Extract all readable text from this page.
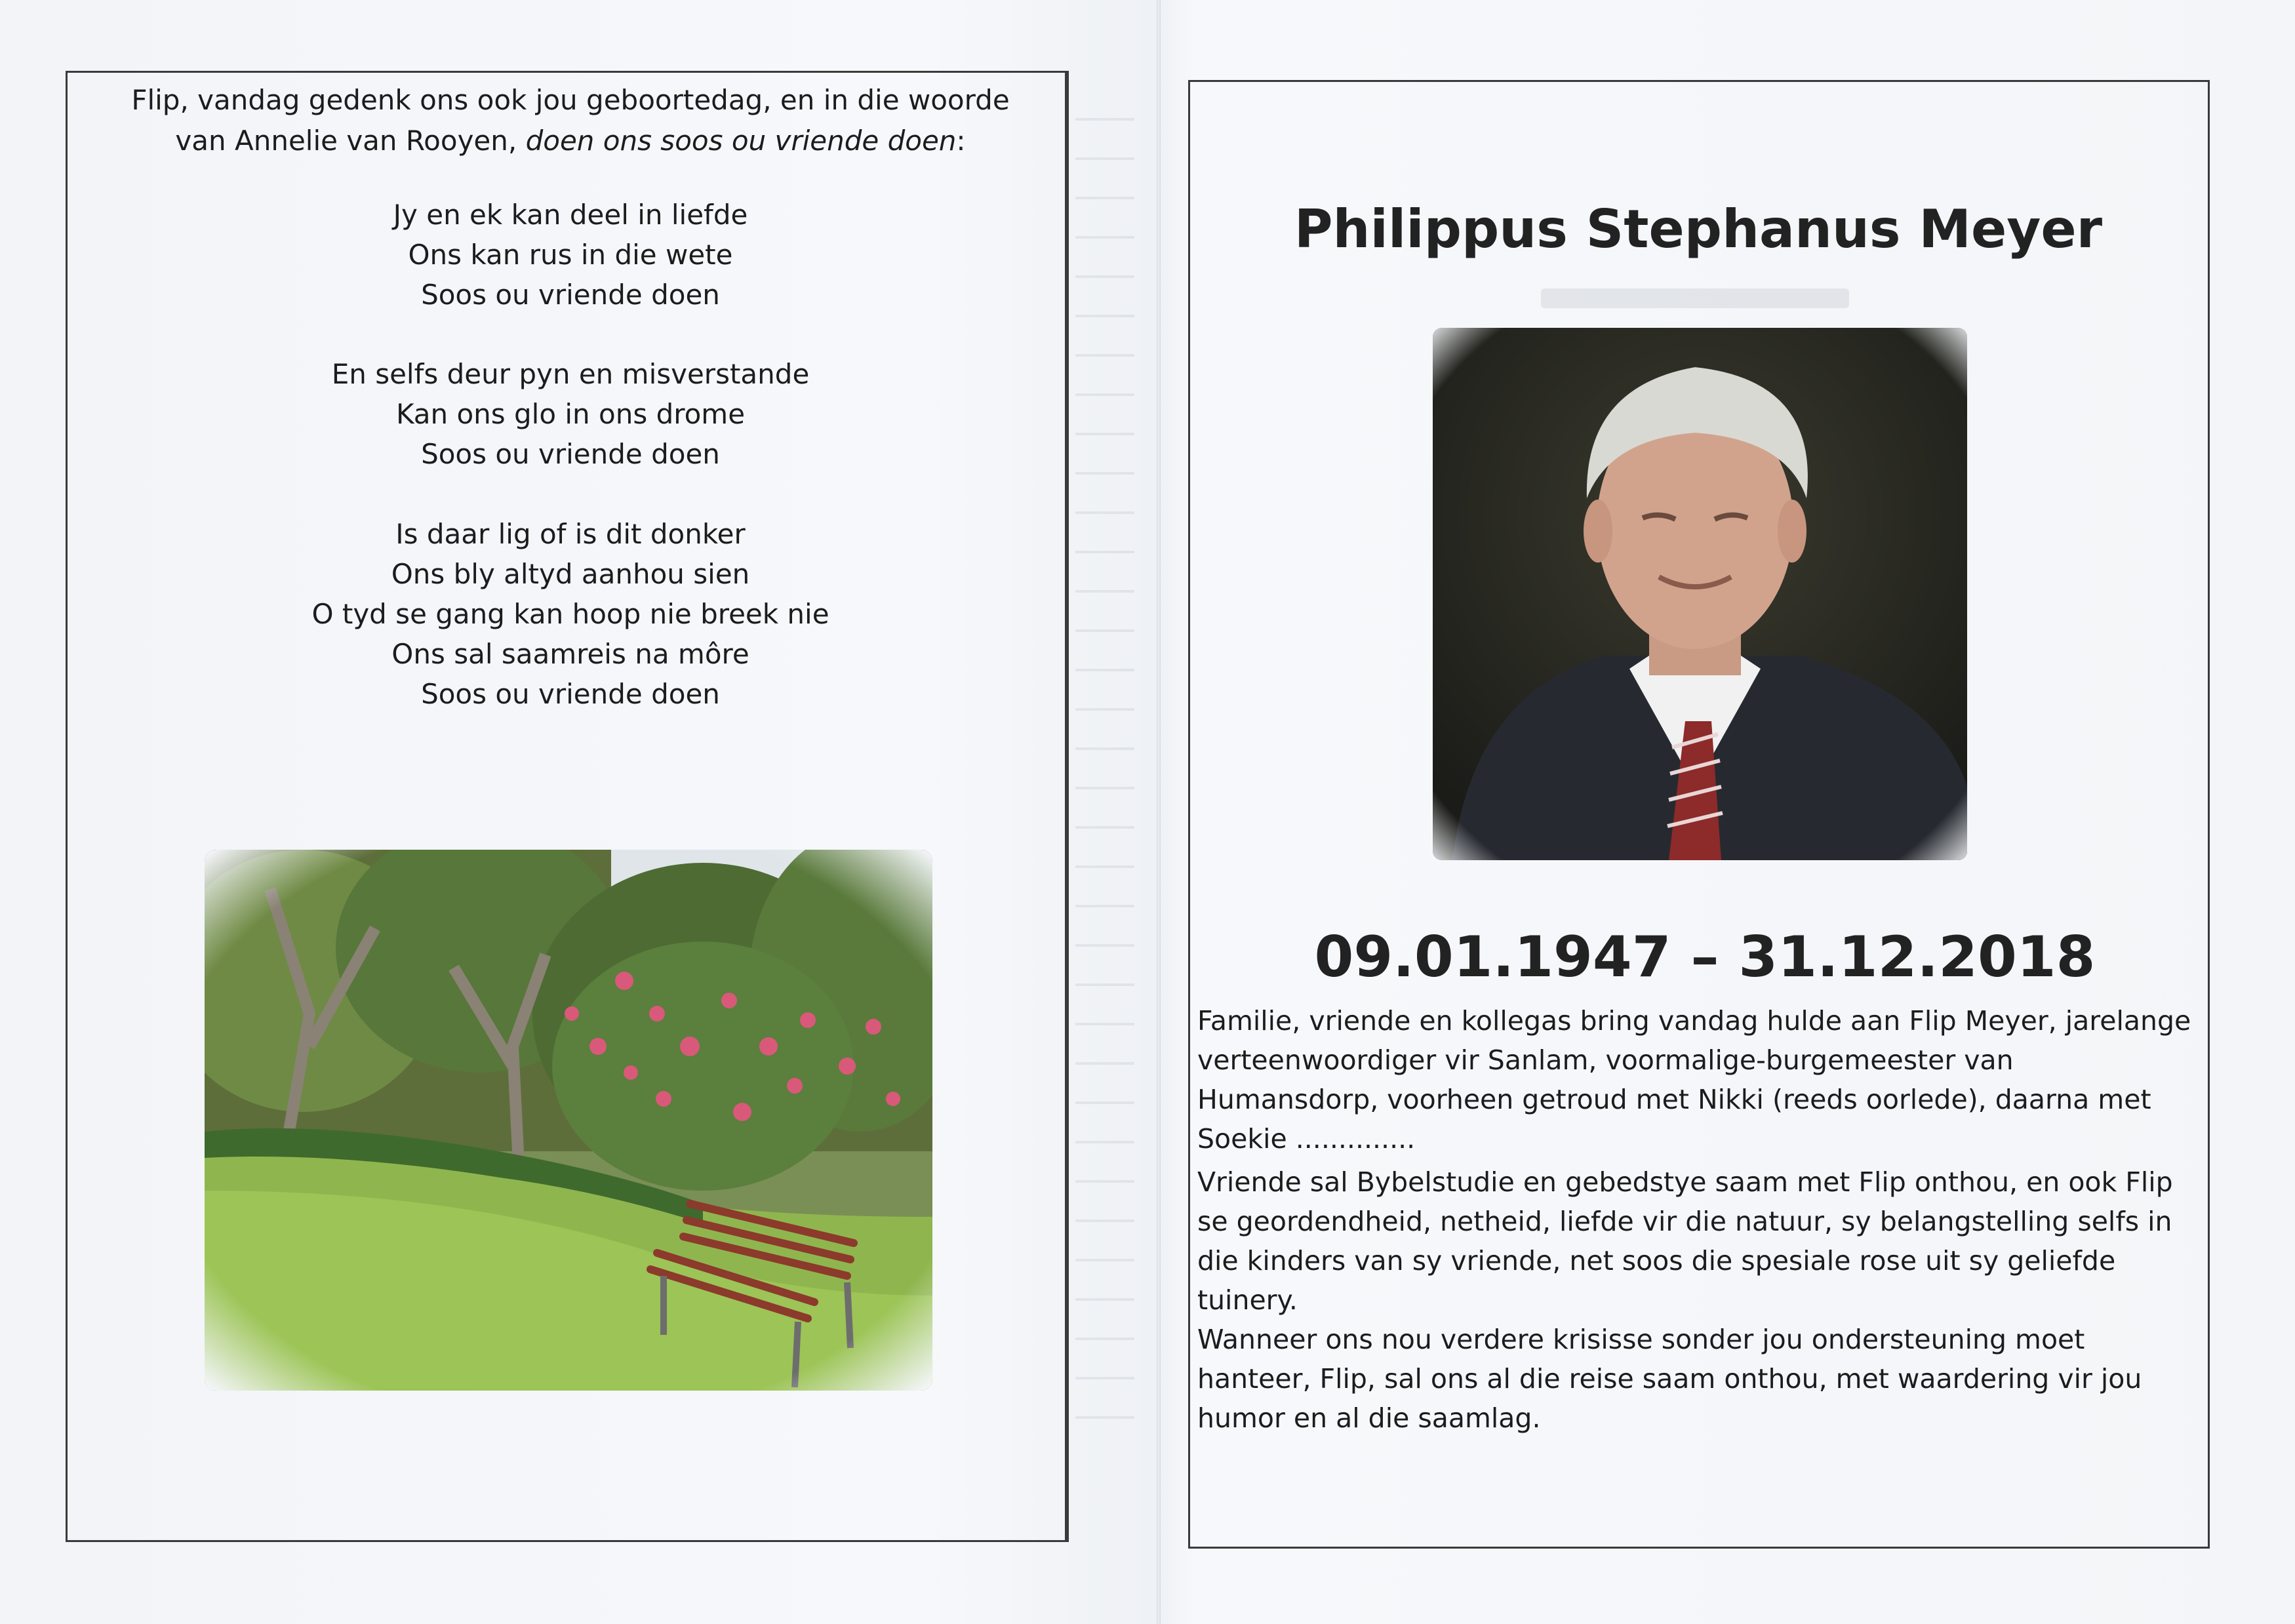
Flip, vandag gedenk ons ook jou geboortedag, en in die woorde
van Annelie van Rooyen, doen ons soos ou vriende doen:
Jy en ek kan deel in liefde
Ons kan rus in die wete
Soos ou vriende doen
En selfs deur pyn en misverstande
Kan ons glo in ons drome
Soos ou vriende doen
Is daar lig of is dit donker
Ons bly altyd aanhou sien
O tyd se gang kan hoop nie breek nie
Ons sal saamreis na môre
Soos ou vriende doen
Philippus Stephanus Meyer
09.01.1947 – 31.12.2018
Familie, vriende en kollegas bring vandag hulde aan Flip Meyer, jarelange verteenwoordiger vir Sanlam, voormalige-burgemeester van Humansdorp, voorheen getroud met Nikki (reeds oorlede), daarna met Soekie ..............
Vriende sal Bybelstudie en gebedstye saam met Flip onthou, en ook Flip se geordendheid, netheid, liefde vir die natuur, sy belangstelling selfs in die kinders van sy vriende, net soos die spesiale rose uit sy geliefde tuinery.
Wanneer ons nou verdere krisisse sonder jou ondersteuning moet hanteer, Flip, sal ons al die reise saam onthou, met waardering vir jou humor en al die saamlag.
